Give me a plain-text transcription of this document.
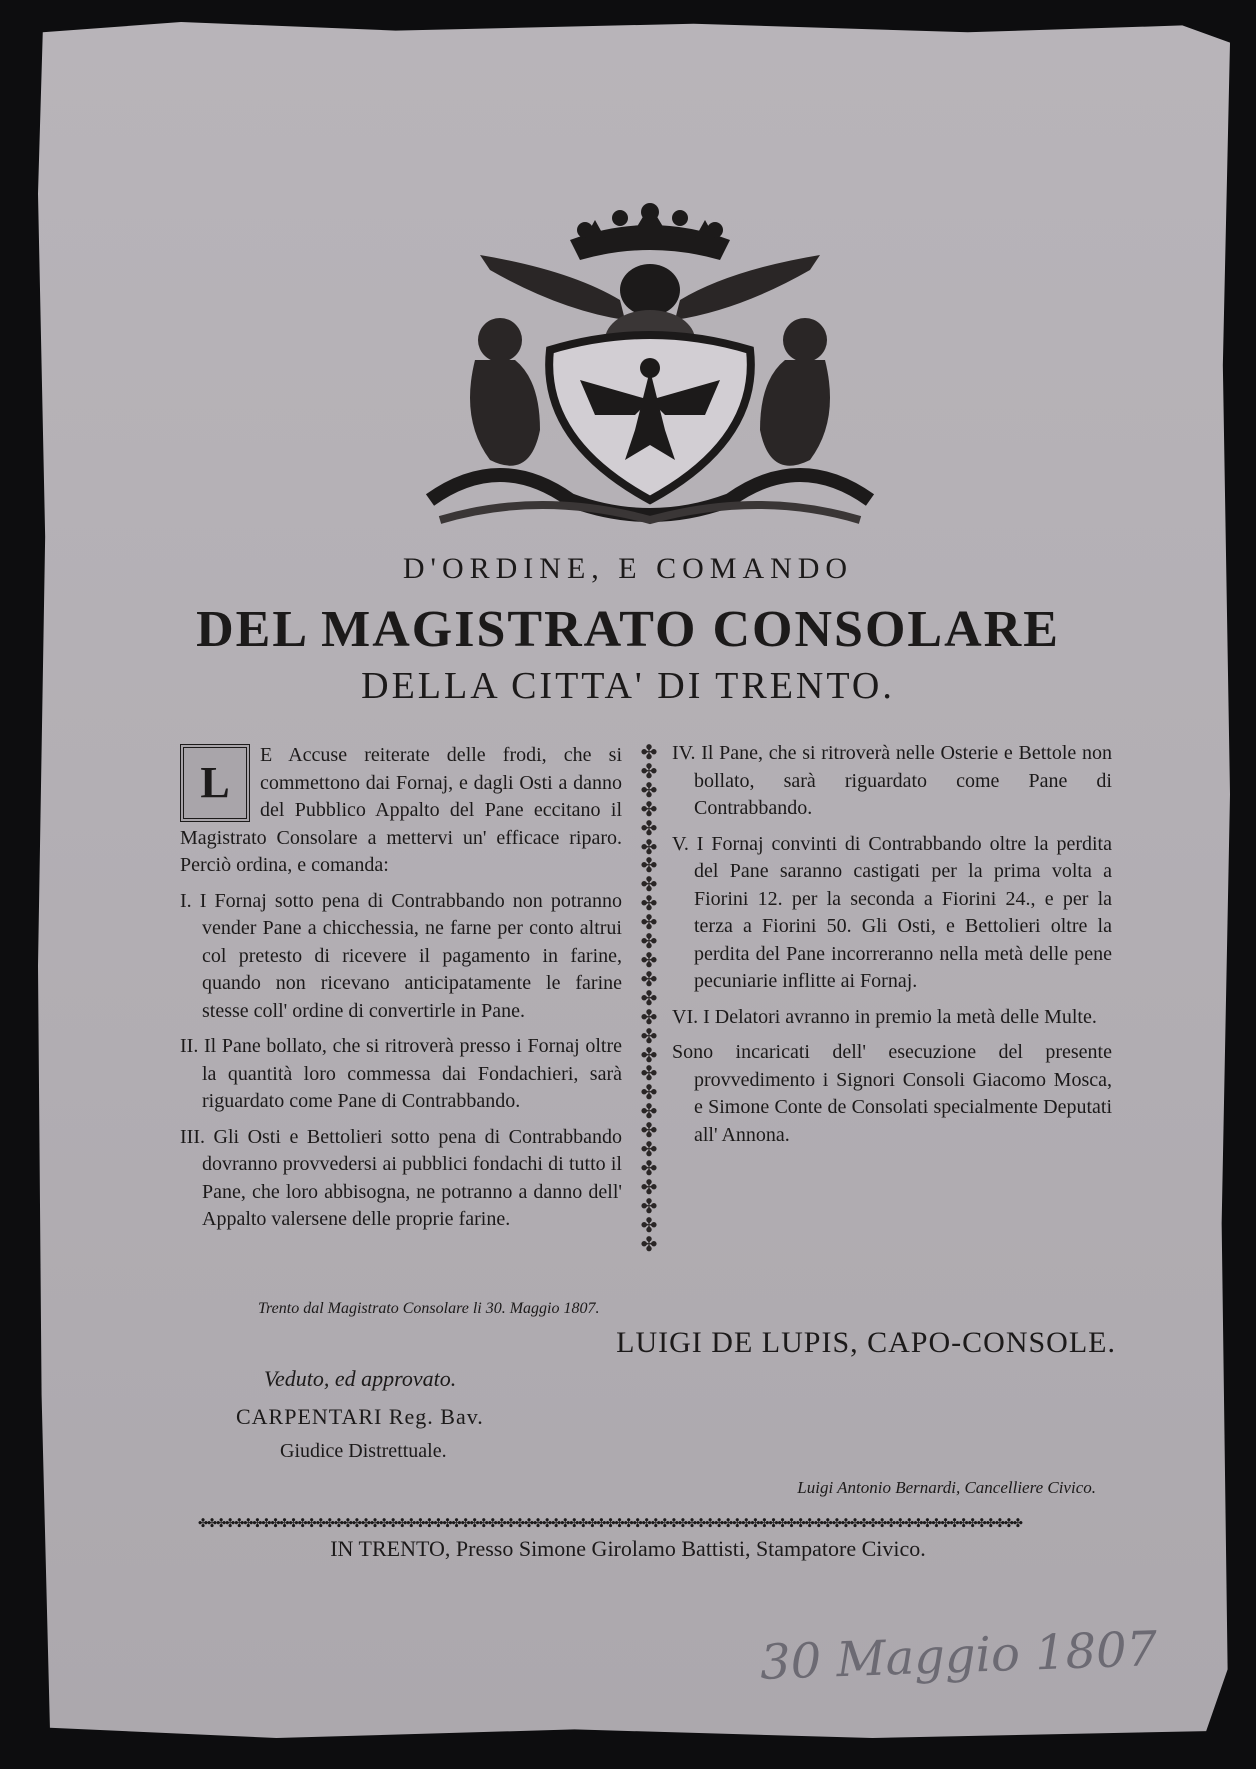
D'ORDINE, E COMANDO
DEL MAGISTRATO CONSOLARE
DELLA CITTA' DI TRENTO.

L
E Accuse reiterate delle frodi, che si commettono dai Fornaj, e dagli Osti a danno del Pubblico Appalto del Pane eccitano il Magistrato Consolare a mettervi un' efficace riparo. Perciò ordina, e comanda:

I. I Fornaj sotto pena di Contrabbando non potranno vender Pane a chicchessia, ne farne per conto altrui col pretesto di ricevere il pagamento in farine, quando non ricevano anticipatamente le farine stesse coll' ordine di convertirle in Pane.

II. Il Pane bollato, che si ritroverà presso i Fornaj oltre la quantità loro commessa dai Fondachieri, sarà riguardato come Pane di Contrabbando.

III. Gli Osti e Bettolieri sotto pena di Contrabbando dovranno provvedersi ai pubblici fondachi di tutto il Pane, che loro abbisogna, ne potranno a danno dell' Appalto valersene delle proprie farine.

✤✤✤✤✤✤✤✤✤✤✤✤✤✤✤✤✤✤✤✤✤✤✤✤✤✤✤

IV. Il Pane, che si ritroverà nelle Osterie e Bettole non bollato, sarà riguardato come Pane di Contrabbando.

V. I Fornaj convinti di Contrabbando oltre la perdita del Pane saranno castigati per la prima volta a Fiorini 12. per la seconda a Fiorini 24., e per la terza a Fiorini 50. Gli Osti, e Bettolieri oltre la perdita del Pane incorreranno nella metà delle pene pecuniarie inflitte ai Fornaj.

VI. I Delatori avranno in premio la metà delle Multe.

Sono incaricati dell' esecuzione del presente provvedimento i Signori Consoli Giacomo Mosca, e Simone Conte de Consolati specialmente Deputati all' Annona.

Trento dal Magistrato Consolare li 30. Maggio 1807.
LUIGI DE LUPIS, CAPO-CONSOLE.
Veduto, ed approvato.
CARPENTARI Reg. Bav.
Giudice Distrettuale.
Luigi Antonio Bernardi, Cancelliere Civico.
✤✤✤✤✤✤✤✤✤✤✤✤✤✤✤✤✤✤✤✤✤✤✤✤✤✤✤✤✤✤✤✤✤✤✤✤✤✤✤✤✤✤✤✤✤✤✤✤✤✤✤✤✤✤✤✤✤✤✤✤✤✤✤✤✤✤✤✤✤✤✤✤✤✤✤✤✤✤✤✤✤✤✤✤✤✤✤✤✤✤✤
IN TRENTO, Presso Simone Girolamo Battisti, Stampatore Civico.
30 Maggio 1807
